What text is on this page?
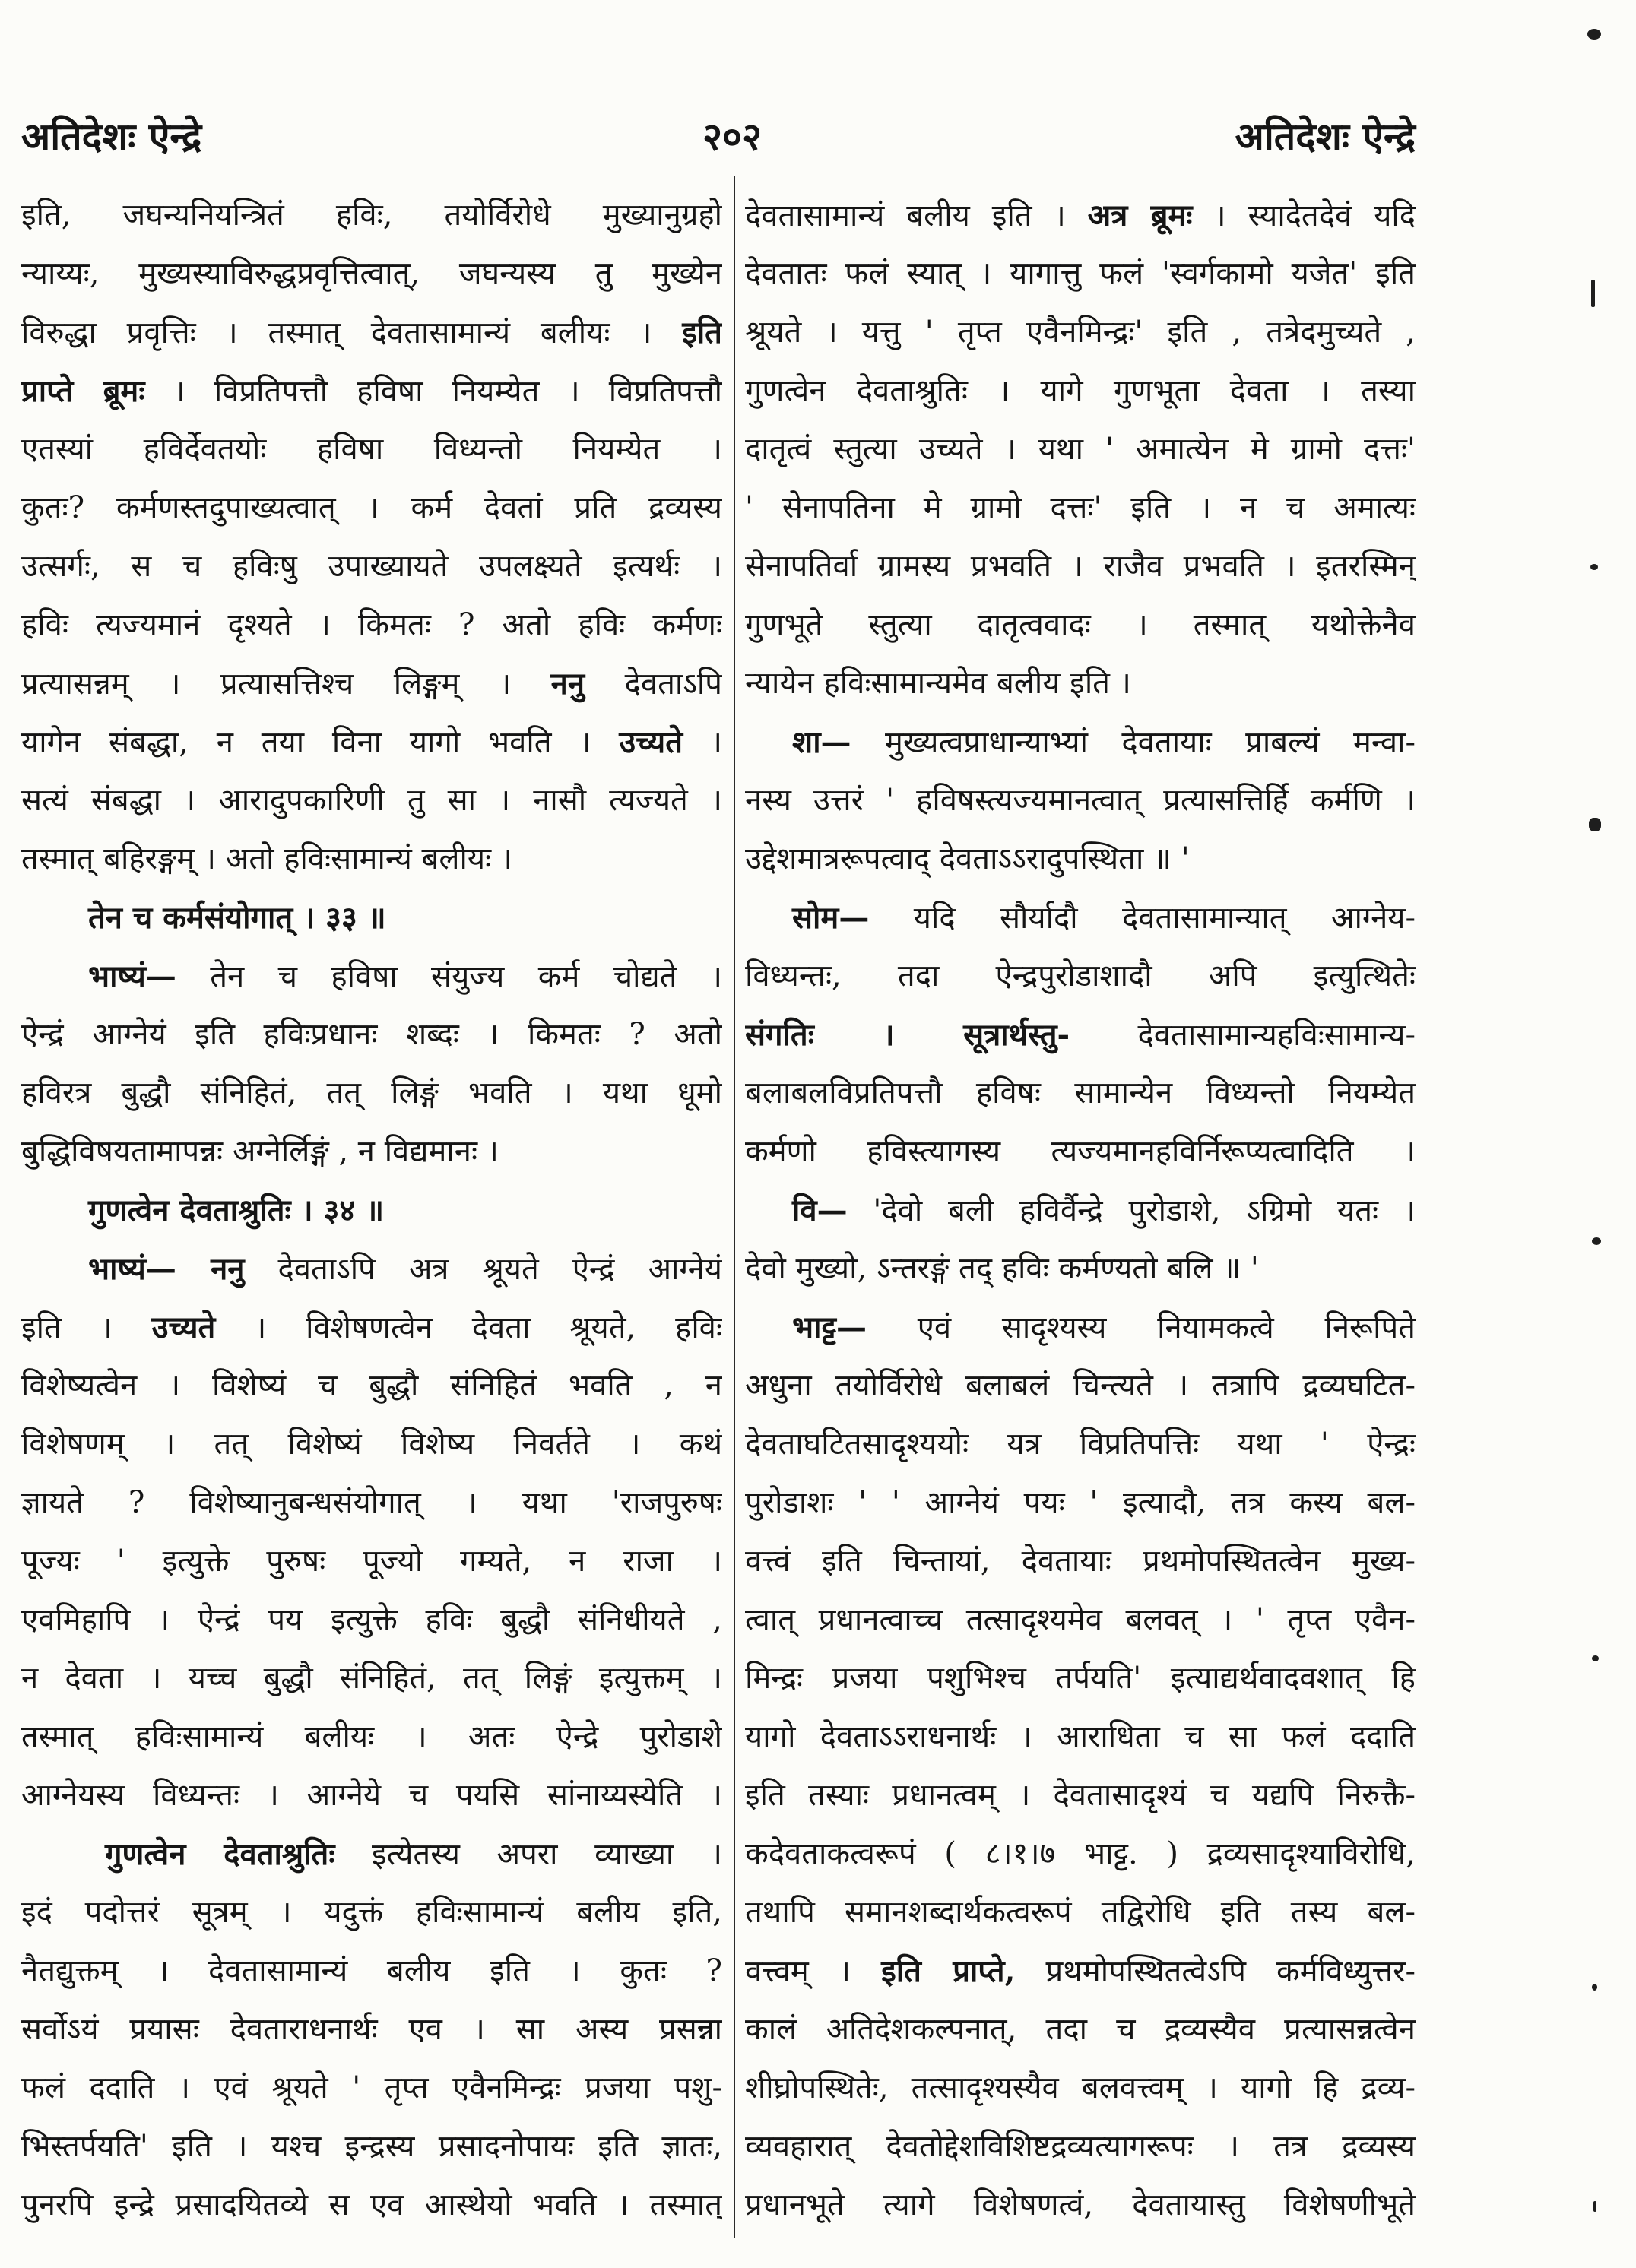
अतिदेशः ऐन्द्रे	२०२	अतिदेशः ऐन्द्रे
इति, जघन्यनियन्त्रितं हविः, तयोर्विरोधे मुख्यानुग्रहो
न्याय्यः, मुख्यस्याविरुद्धप्रवृत्तित्वात्, जघन्यस्य तु मुख्येन
विरुद्धा प्रवृत्तिः । तस्मात् देवतासामान्यं बलीयः । इति
प्राप्ते ब्रूमः । विप्रतिपत्तौ हविषा नियम्येत । विप्रतिपत्तौ
एतस्यां हविर्देवतयोः हविषा विध्यन्तो नियम्येत ।
कुतः? कर्मणस्तदुपाख्यत्वात् । कर्म देवतां प्रति द्रव्यस्य
उत्सर्गः, स च हविःषु उपाख्यायते उपलक्ष्यते इत्यर्थः ।
हविः त्यज्यमानं दृश्यते । किमतः ? अतो हविः कर्मणः
प्रत्यासन्नम् । प्रत्यासत्तिश्च लिङ्गम् । ननु देवताऽपि
यागेन संबद्धा, न तया विना यागो भवति । उच्यते ।
सत्यं संबद्धा । आरादुपकारिणी तु सा । नासौ त्यज्यते ।
तस्मात् बहिरङ्गम् । अतो हविःसामान्यं बलीयः ।
तेन च कर्मसंयोगात् । ३३ ॥
भाष्यं— तेन च हविषा संयुज्य कर्म चोद्यते ।
ऐन्द्रं आग्नेयं इति हविःप्रधानः शब्दः । किमतः ? अतो
हविरत्र बुद्धौ संनिहितं, तत् लिङ्गं भवति । यथा धूमो
बुद्धिविषयतामापन्नः अग्नेर्लिङ्गं , न विद्यमानः ।
गुणत्वेन देवताश्रुतिः । ३४ ॥
भाष्यं— ननु देवताऽपि अत्र श्रूयते ऐन्द्रं आग्नेयं
इति । उच्यते । विशेषणत्वेन देवता श्रूयते, हविः
विशेष्यत्वेन । विशेष्यं च बुद्धौ संनिहितं भवति , न
विशेषणम् । तत् विशेष्यं विशेष्य निवर्तते । कथं
ज्ञायते ? विशेष्यानुबन्धसंयोगात् । यथा 'राजपुरुषः
पूज्यः ' इत्युक्ते पुरुषः पूज्यो गम्यते, न राजा ।
एवमिहापि । ऐन्द्रं पय इत्युक्ते हविः बुद्धौ संनिधीयते ,
न देवता । यच्च बुद्धौ संनिहितं, तत् लिङ्गं इत्युक्तम् ।
तस्मात् हविःसामान्यं बलीयः । अतः ऐन्द्रे पुरोडाशे
आग्नेयस्य विध्यन्तः । आग्नेये च पयसि सांनाय्यस्येति ।
गुणत्वेन देवताश्रुतिः इत्येतस्य अपरा व्याख्या ।
इदं पदोत्तरं सूत्रम् । यदुक्तं हविःसामान्यं बलीय इति,
नैतद्युक्तम् । देवतासामान्यं बलीय इति । कुतः ?
सर्वोऽयं प्रयासः देवताराधनार्थः एव । सा अस्य प्रसन्ना
फलं ददाति । एवं श्रूयते ' तृप्त एवैनमिन्द्रः प्रजया पशु-
भिस्तर्पयति' इति । यश्च इन्द्रस्य प्रसादनोपायः इति ज्ञातः,
पुनरपि इन्द्रे प्रसादयितव्ये स एव आस्थेयो भवति । तस्मात्
देवतासामान्यं बलीय इति । अत्र ब्रूमः । स्यादेतदेवं यदि
देवतातः फलं स्यात् । यागात्तु फलं 'स्वर्गकामो यजेत' इति
श्रूयते । यत्तु ' तृप्त एवैनमिन्द्रः' इति , तत्रेदमुच्यते ,
गुणत्वेन देवताश्रुतिः । यागे गुणभूता देवता । तस्या
दातृत्वं स्तुत्या उच्यते । यथा ' अमात्येन मे ग्रामो दत्तः'
' सेनापतिना मे ग्रामो दत्तः' इति । न च अमात्यः
सेनापतिर्वा ग्रामस्य प्रभवति । राजैव प्रभवति । इतरस्मिन्
गुणभूते स्तुत्या दातृत्ववादः । तस्मात् यथोक्तेनैव
न्यायेन हविःसामान्यमेव बलीय इति ।
शा— मुख्यत्वप्राधान्याभ्यां देवतायाः प्राबल्यं मन्वा-
नस्य उत्तरं ' हविषस्त्यज्यमानत्वात् प्रत्यासत्तिर्हि कर्मणि ।
उद्देशमात्ररूपत्वाद् देवताऽऽरादुपस्थिता ॥ '
सोम— यदि सौर्यादौ देवतासामान्यात् आग्नेय-
विध्यन्तः, तदा ऐन्द्रपुरोडाशादौ अपि इत्युत्थितेः
संगतिः । सूत्रार्थस्तु- देवतासामान्यहविःसामान्य-
बलाबलविप्रतिपत्तौ हविषः सामान्येन विध्यन्तो नियम्येत
कर्मणो हविस्त्यागस्य त्यज्यमानहविर्निरूप्यत्वादिति ।
वि— 'देवो बली हविर्वैन्द्रे पुरोडाशे, ऽग्रिमो यतः ।
देवो मुख्यो, ऽन्तरङ्गं तद् हविः कर्मण्यतो बलि ॥ '
भाट्ट— एवं सादृश्यस्य नियामकत्वे निरूपिते
अधुना तयोर्विरोधे बलाबलं चिन्त्यते । तत्रापि द्रव्यघटित-
देवताघटितसादृश्ययोः यत्र विप्रतिपत्तिः यथा ' ऐन्द्रः
पुरोडाशः ' ' आग्नेयं पयः ' इत्यादौ, तत्र कस्य बल-
वत्त्वं इति चिन्तायां, देवतायाः प्रथमोपस्थितत्वेन मुख्य-
त्वात् प्रधानत्वाच्च तत्सादृश्यमेव बलवत् । ' तृप्त एवैन-
मिन्द्रः प्रजया पशुभिश्च तर्पयति' इत्याद्यर्थवादवशात् हि
यागो देवताऽऽराधनार्थः । आराधिता च सा फलं ददाति
इति तस्याः प्रधानत्वम् । देवतासादृश्यं च यद्यपि निरुक्तै-
कदेवताकत्वरूपं ( ८।१।७ भाट्ट. ) द्रव्यसादृश्याविरोधि,
तथापि समानशब्दार्थकत्वरूपं तद्विरोधि इति तस्य बल-
वत्त्वम् । इति प्राप्ते, प्रथमोपस्थितत्वेऽपि कर्मविध्युत्तर-
कालं अतिदेशकल्पनात्, तदा च द्रव्यस्यैव प्रत्यासन्नत्वेन
शीघ्रोपस्थितेः, तत्सादृश्यस्यैव बलवत्त्वम् । यागो हि द्रव्य-
व्यवहारात् देवतोद्देशविशिष्टद्रव्यत्यागरूपः । तत्र द्रव्यस्य
प्रधानभूते त्यागे विशेषणत्वं, देवतायास्तु विशेषणीभूते
